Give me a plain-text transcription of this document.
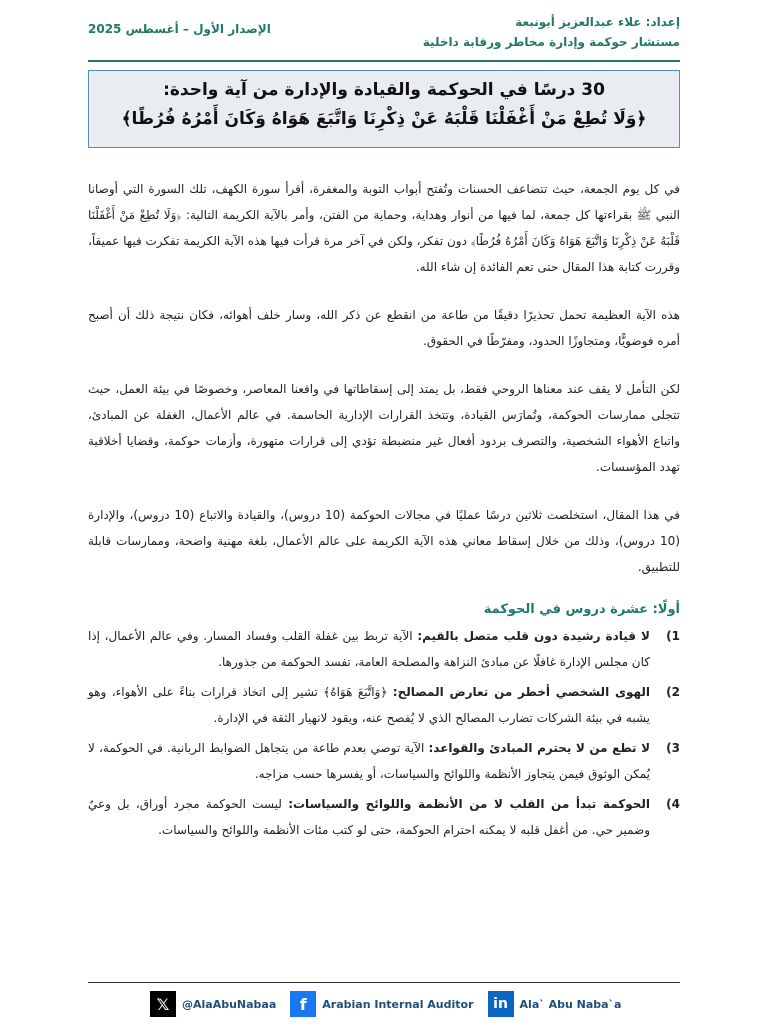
إعداد: علاء عبدالعزيز أبونبعة
مستشار حوكمة وإدارة مخاطر ورقابة داخلية
الإصدار الأول – أغسطس 2025
30 درسًا في الحوكمة والقيادة والإدارة من آية واحدة:
﴿وَلَا تُطِعْ مَنْ أَغْفَلْنَا قَلْبَهُ عَنْ ذِكْرِنَا وَاتَّبَعَ هَوَاهُ وَكَانَ أَمْرُهُ فُرُطًا﴾

في كل يوم الجمعة، حيث تتضاعف الحسنات وتُفتح أبواب التوبة والمغفرة، أقرأ سورة الكهف، تلك السورة التي أوصانا النبي ﷺ بقراءتها كل جمعة، لما فيها من أنوار وهداية، وحماية من الفتن، وأمر بالآية الكريمة التالية: ﴿وَلَا تُطِعْ مَنْ أَغْفَلْنَا قَلْبَهُ عَنْ ذِكْرِنَا وَاتَّبَعَ هَوَاهُ وَكَانَ أَمْرُهُ فُرُطًا﴾ دون تفكر، ولكن في آخر مرة قرأت فيها هذه الآية الكريمة تفكرت فيها عميقاً، وقررت كتابة هذا المقال حتى تعم الفائدة إن شاء الله.

هذه الآية العظيمة تحمل تحذيرًا دقيقًا من طاعة من انقطع عن ذكر الله، وسار خلف أهوائه، فكان نتيجة ذلك أن أصبح أمره فوضويًّا، ومتجاوزًا الحدود، ومفرّطًا في الحقوق.

لكن التأمل لا يقف عند معناها الروحي فقط، بل يمتد إلى إسقاطاتها في واقعنا المعاصر، وخصوصًا في بيئة العمل، حيث تتجلى ممارسات الحوكمة، وتُمارَس القيادة، وتتخذ القرارات الإدارية الحاسمة. في عالم الأعمال، الغفلة عن المبادئ، واتباع الأهواء الشخصية، والتصرف بردود أفعال غير منضبطة تؤدي إلى قرارات متهورة، وأزمات حوكمة، وقضايا أخلاقية تهدد المؤسسات.

في هذا المقال، استخلصت ثلاثين درسًا عمليًا في مجالات الحوكمة (10 دروس)، والقيادة والاتباع (10 دروس)، والإدارة (10 دروس)، وذلك من خلال إسقاط معاني هذه الآية الكريمة على عالم الأعمال، بلغة مهنية واضحة، وممارسات قابلة للتطبيق.

أولًا: عشرة دروس في الحوكمة
1)
لا قيادة رشيدة دون قلب متصل بالقيم: الآية تربط بين غفلة القلب وفساد المسار. وفي عالم الأعمال، إذا كان مجلس الإدارة غافلًا عن مبادئ النزاهة والمصلحة العامة، تفسد الحوكمة من جذورها.
2)
الهوى الشخصي أخطر من تعارض المصالح: ﴿وَاتَّبَعَ هَوَاهُ﴾ تشير إلى اتخاذ قرارات بناءً على الأهواء، وهو يشبه في بيئة الشركات تضارب المصالح الذي لا يُفصح عنه، ويقود لانهيار الثقة في الإدارة.
3)
لا تطع من لا يحترم المبادئ والقواعد: الآية توصي بعدم طاعة من يتجاهل الضوابط الربانية. في الحوكمة، لا يُمكن الوثوق فيمن يتجاوز الأنظمة واللوائح والسياسات، أو يفسرها حسب مزاجه.
4)
الحوكمة تبدأ من القلب لا من الأنظمة واللوائح والسياسات: ليست الحوكمة مجرد أوراق، بل وعيٌ وضمير حي. من أغفل قلبه لا يمكنه احترام الحوكمة، حتى لو كتب مئات الأنظمة واللوائح والسياسات.
𝕏	@AlaAbuNabaa	f	Arabian Internal Auditor	in	Ala` Abu Naba`a
